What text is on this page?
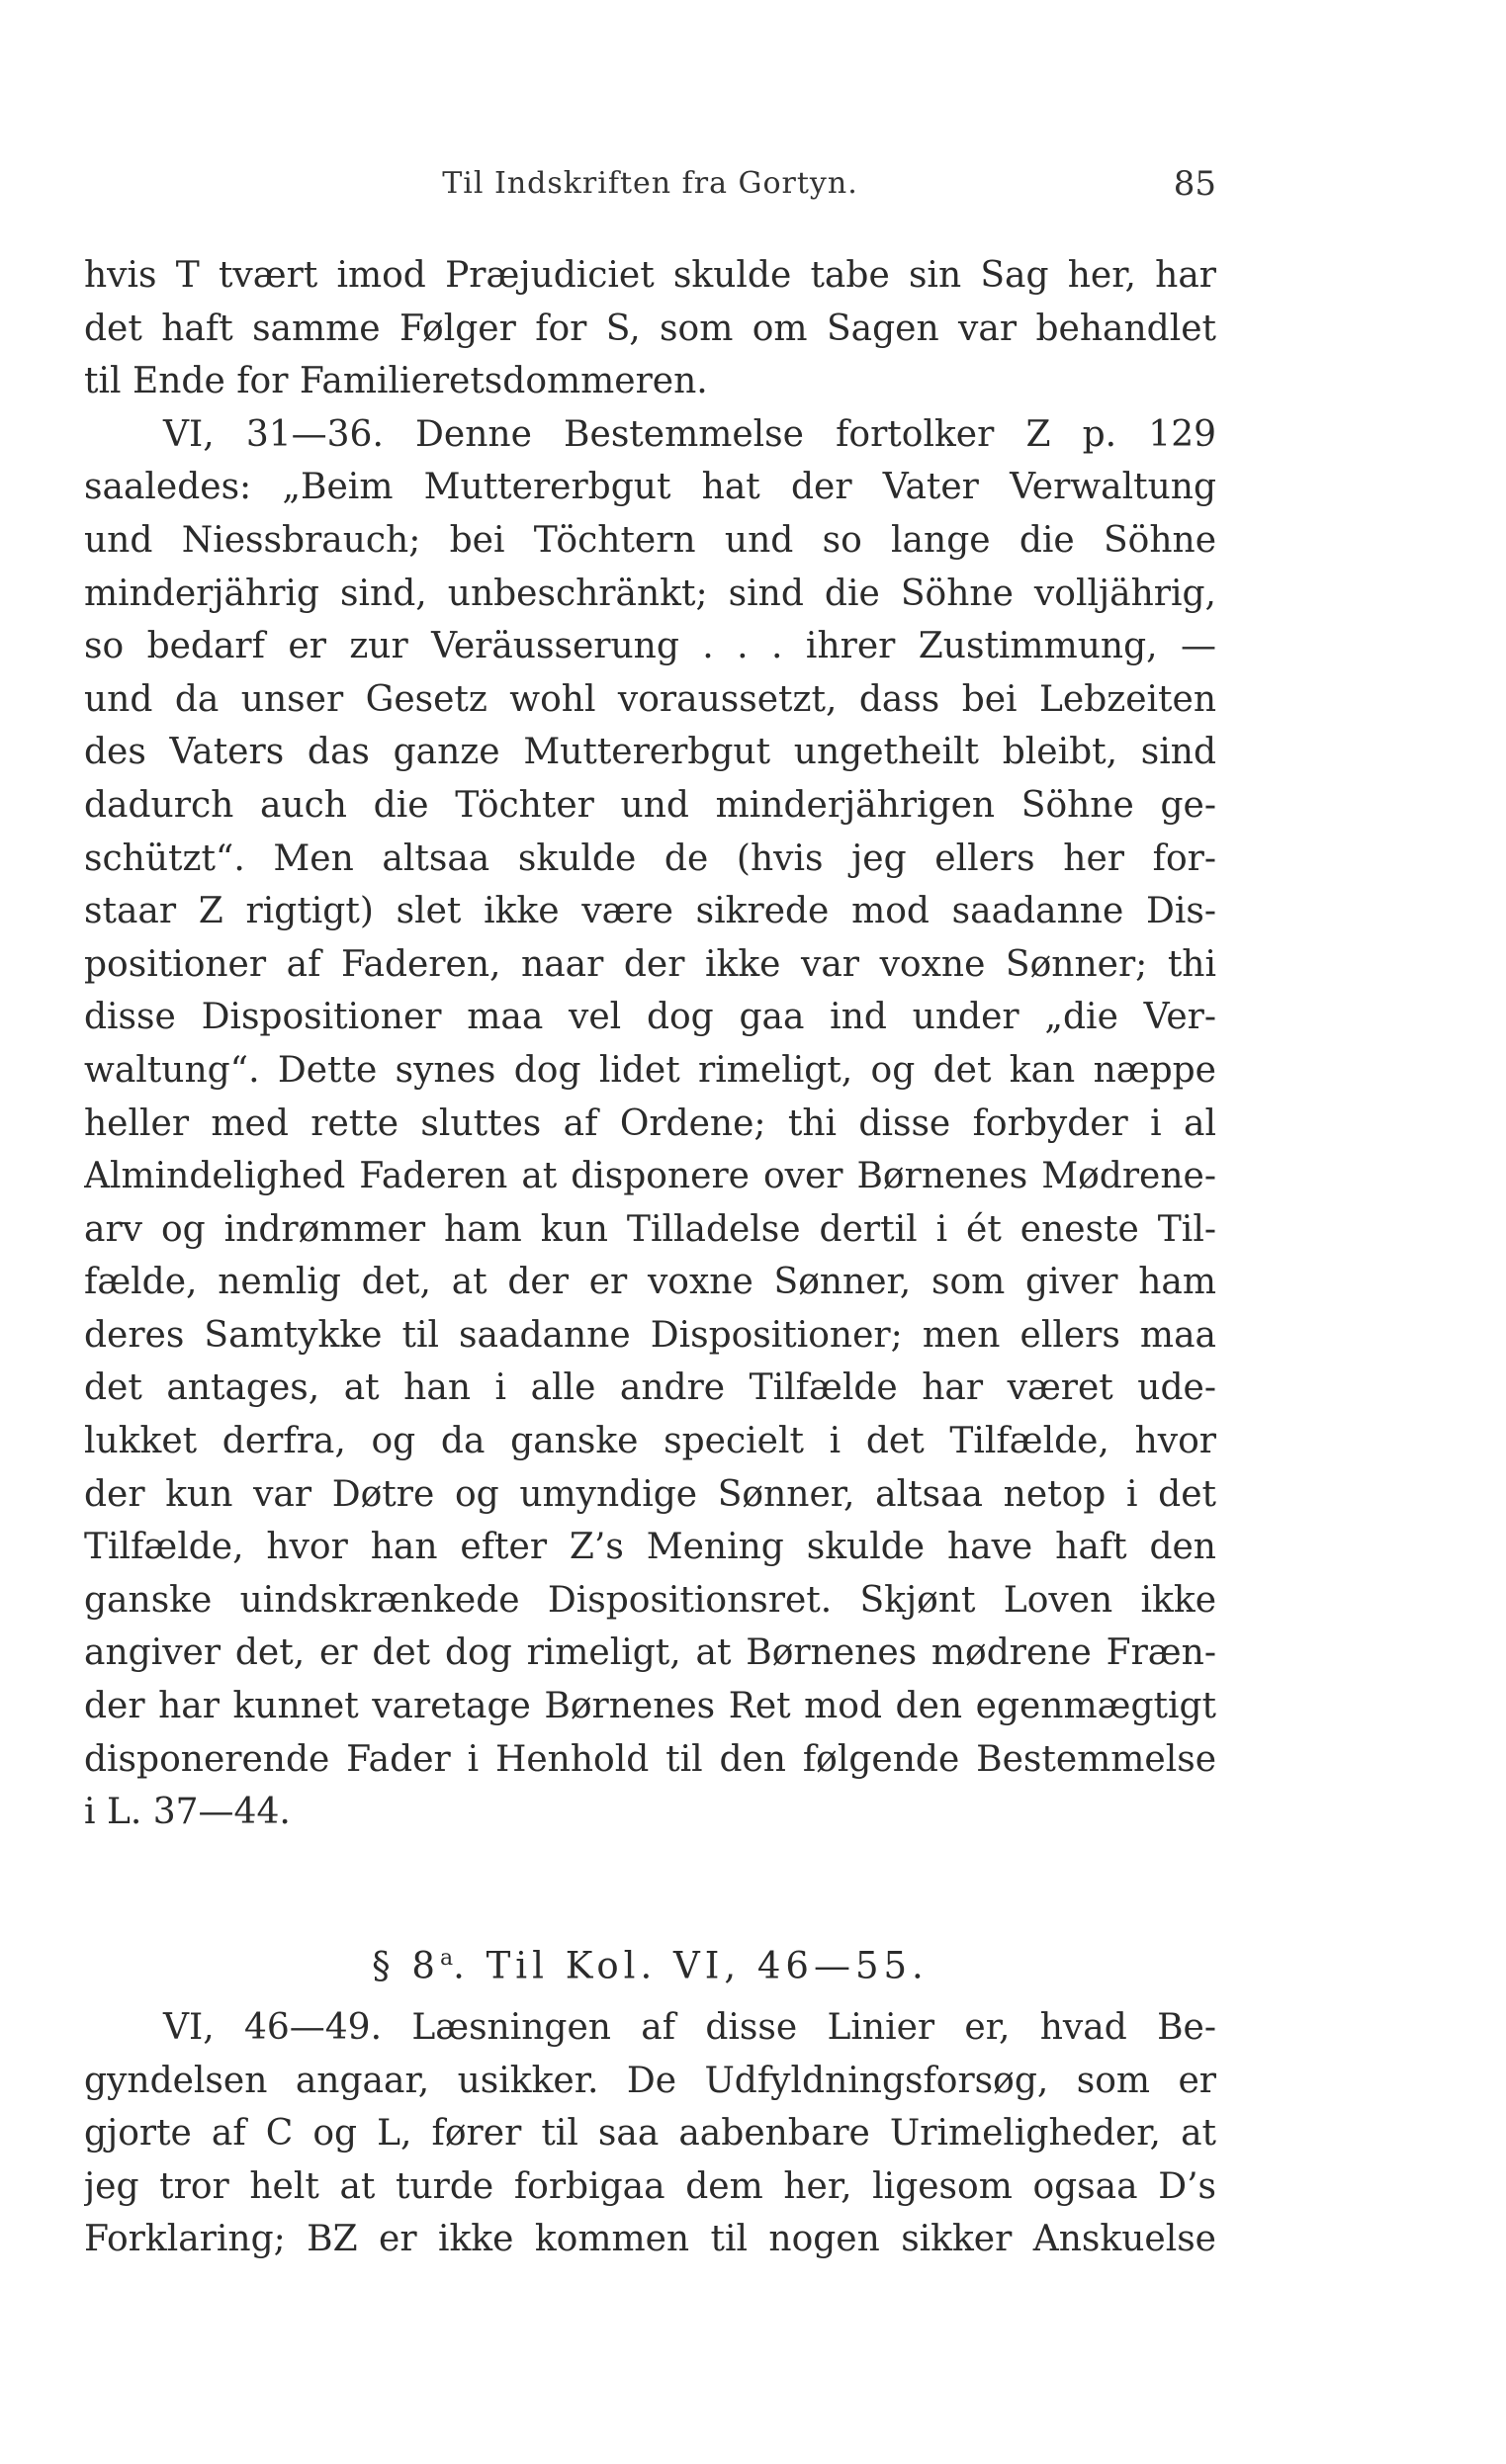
Til Indskriften fra Gortyn.	85
hvis T tvært imod Præjudiciet skulde tabe sin Sag her, har
det haft samme Følger for S, som om Sagen var behandlet
til Ende for Familieretsdommeren.
VI, 31—36. Denne Bestemmelse fortolker Z p. 129
saaledes: „Beim Muttererbgut hat der Vater Verwaltung
und Niessbrauch; bei Töchtern und so lange die Söhne
minderjährig sind, unbeschränkt; sind die Söhne volljährig,
so bedarf er zur Veräusserung . . . ihrer Zustimmung, —
und da unser Gesetz wohl voraussetzt, dass bei Lebzeiten
des Vaters das ganze Muttererbgut ungetheilt bleibt, sind
dadurch auch die Töchter und minderjährigen Söhne ge-
schützt“. Men altsaa skulde de (hvis jeg ellers her for-
staar Z rigtigt) slet ikke være sikrede mod saadanne Dis-
positioner af Faderen, naar der ikke var voxne Sønner; thi
disse Dispositioner maa vel dog gaa ind under „die Ver-
waltung“. Dette synes dog lidet rimeligt, og det kan næppe
heller med rette sluttes af Ordene; thi disse forbyder i al
Almindelighed Faderen at disponere over Børnenes Mødrene-
arv og indrømmer ham kun Tilladelse dertil i ét eneste Til-
fælde, nemlig det, at der er voxne Sønner, som giver ham
deres Samtykke til saadanne Dispositioner; men ellers maa
det antages, at han i alle andre Tilfælde har været ude-
lukket derfra, og da ganske specielt i det Tilfælde, hvor
der kun var Døtre og umyndige Sønner, altsaa netop i det
Tilfælde, hvor han efter Z’s Mening skulde have haft den
ganske uindskrænkede Dispositionsret. Skjønt Loven ikke
angiver det, er det dog rimeligt, at Børnenes mødrene Fræn-
der har kunnet varetage Børnenes Ret mod den egenmægtigt
disponerende Fader i Henhold til den følgende Bestemmelse
i L. 37—44.
§ 8$^a$. Til Kol. VI, 46—55.
VI, 46—49. Læsningen af disse Linier er, hvad Be-
gyndelsen angaar, usikker. De Udfyldningsforsøg, som er
gjorte af C og L, fører til saa aabenbare Urimeligheder, at
jeg tror helt at turde forbigaa dem her, ligesom ogsaa D’s
Forklaring; BZ er ikke kommen til nogen sikker Anskuelse
